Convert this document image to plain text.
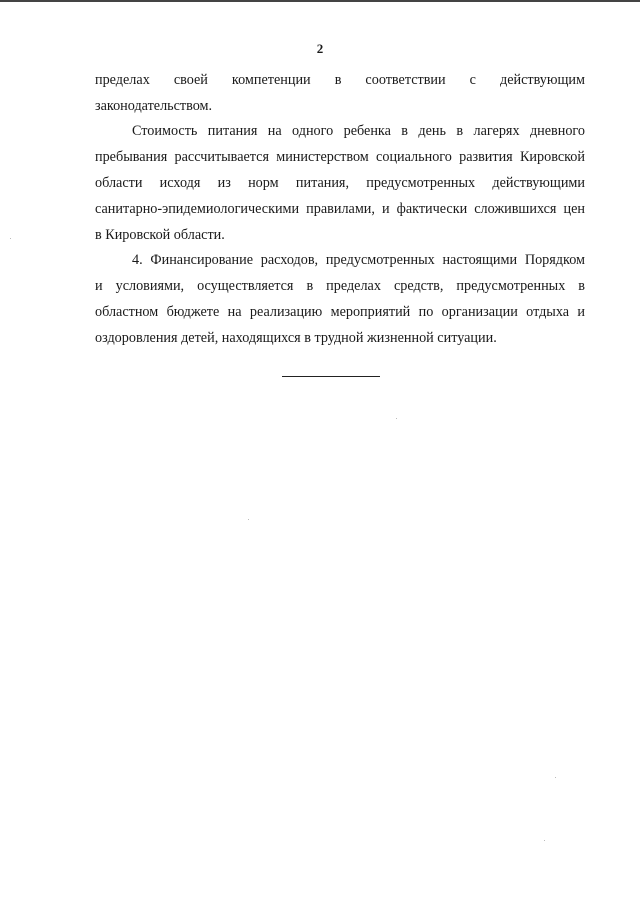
2
пределах своей компетенции в соответствии с действующим
законодательством.
Стоимость питания на одного ребенка в день в лагерях дневного
пребывания рассчитывается министерством социального развития Кировской
области исходя из норм питания, предусмотренных действующими
санитарно-эпидемиологическими правилами, и фактически сложившихся цен
в Кировской области.
4. Финансирование расходов, предусмотренных настоящими Порядком
и условиями, осуществляется в пределах средств, предусмотренных в
областном бюджете на реализацию мероприятий по организации отдыха и
оздоровления детей, находящихся в трудной жизненной ситуации.
